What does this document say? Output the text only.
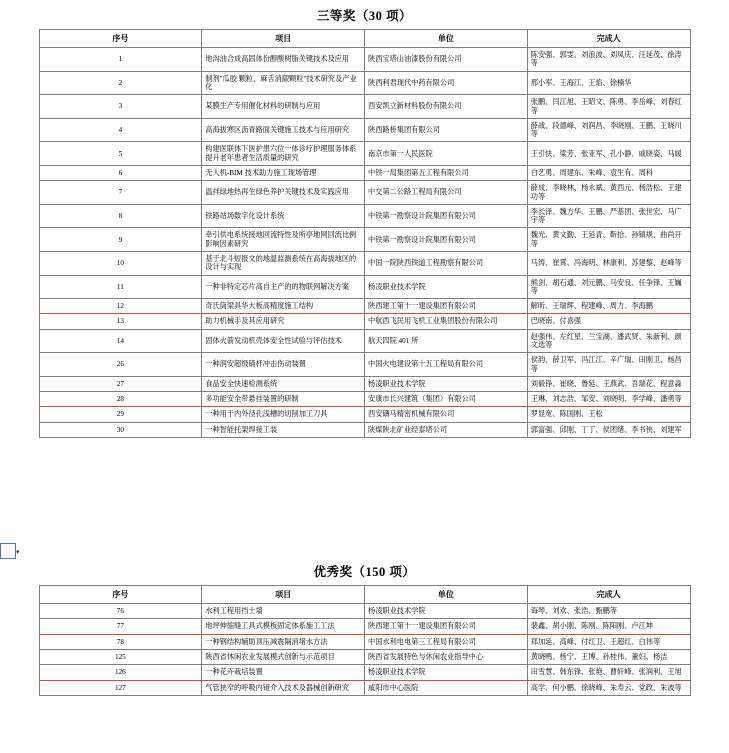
三等奖（30 项）
序号	项目	单位	完成人
1	地沟油合成高固体份醇酸树脂关键技术及应用	陕西宝塔山油漆股份有限公司	陈安强、郭雯、刘浪波、刘凤庆、汪延茂、徐涛等
2	制剂"瓜胶 颗粒、麻舌消龈颗粒"技术研究及产业化	陕西利君现代中药有限公司	邢小军、王海江、王焰、徐楠华
3	某膜生产专用催化材料的研制与应用	西安凯立新材料股份有限公司	张鹏、闫江旭、王昭文、陈勇、李岳峰、刘春红等
4	高海拔寒区沥青路面关键施工技术与应用研究	陕西路桥集团有限公司	薛战、段德峰、刘润昌、李晓刚、王鹏、王晓川等
5	构建医联体下医护患六位一体诊疗护理服务体系提升老年患者生活质量的研究	南京市第一人民医院	王引快、梁芳、张亚军、孔小静、戚晓姿、马媛
6	无人机-BIM 技术助力施工现场管理	中铁一局集团第五工程有限公司	白艺勇、周建东、朱峰、袁生有、周科
7	温拌绿地热再生绿色养护关键技术及实践应用	中交第二公路工程局有限公司	薛成、李晓林、杨永斌、黄西元、杨浩松、王建功等
8	铁路站场数字化设计系统	中铁第一勘察设计院集团有限公司	李长泽、魏方华、王鹏、严基团、张世宏、马广宇等
9	牵引供电系统接地回流特性及所亭地网回流比例影响因素研究	中铁第一勘察设计院集团有限公司	魏光、黄文勤、王延青、靳拾、孙镇规、曲尚开等
10	基于北斗短报文的地温监测系统在高海拔地区的设计与实现	中国一院陕西铁道工程勘察有限公司	马涛、崔霄、冯海明、林康利、苏建黎、赵峰等
11	一种非特定芯片高自主产的的物联网解决方案	杨凌职业技术学院	熊剑、胡石通、刘元鹏、马安良、任争锋、王巍等
12	奇氏筒梁具华大板高精度施工结构	陕西建工第十一建设集团有限公司	解昕、王瑞辉、程建峰、周力、李海鹏
13	助力机械手及其应用研究	中航西飞民用飞机工业集团股份有限公司	巴晓南、付喜强
14	固体火箭发动机壳体安全性试验与评估技术	航天四院 401 所	赵强伟、左红星、兰宝湖、潘武贤、朱新利、颜文选等
26	一种润安超级锚杆冲击伤动装置	中国火电建设第十五工程局有限公司	侯韵、薛卫军、冯江江、辛广瑞、田刚卫、杨昌等
27	食品安全快速检测系统	杨凌职业技术学院	刘毅铮、崔晓、鲁延、王燕武、吾瑞花、程意淼
28	多功能安全带悬挂装置的研制	安康市长兴建筑（集团）有限公司	王琳、刘志浩、邹安、刘晓明、李学峰、潘勇等
29	一种用于内外径孔浅槽的切削加工刀具	西安礴马精密机械有限公司	罗显宽、陈国刚、王松
30	一种智能托架焊接工装	陕煤陕北矿业经泰塔公司	郭富强、邱刚、丁丁、侯团绪、李书侠、刘建军
▾
优秀奖（150 项）
序号	项目	单位	完成人
76	水利工程用挡土墙	杨凌职业技术学院	诲琴、刘欢、张浩、甄鹏等
77	地坪伸缩缝工具式模板固定体系施工工法	陕西建工第十一建设集团有限公司	裴鑫、胡小刚、陈刚、陈阳刚、卢江坤
78	一种钢结构辅助顶压减震隔消堵水方法	中国水利电电第三工程局有限公司	郑加延、高峰、付红卫、王超红、白伟等
125	陕西省休闲农业发展模式创新与示范项目	陕西省发展特色与休闲农业指导中心	黄晓鸭、杨宁、王博、孙桂伟、董妇、杨洁
126	一种花卉栽培装置	杨凌职业技术学院	田雪慧、韩东锋、张艳、曹轩峰、张润利、王旭
127	气管狭窄的呼吸内镜介入技术及器械创新研究	咸阳市中心医院	高学、何小鹏、徐晓峰、朱寿云、党政、朱波等
